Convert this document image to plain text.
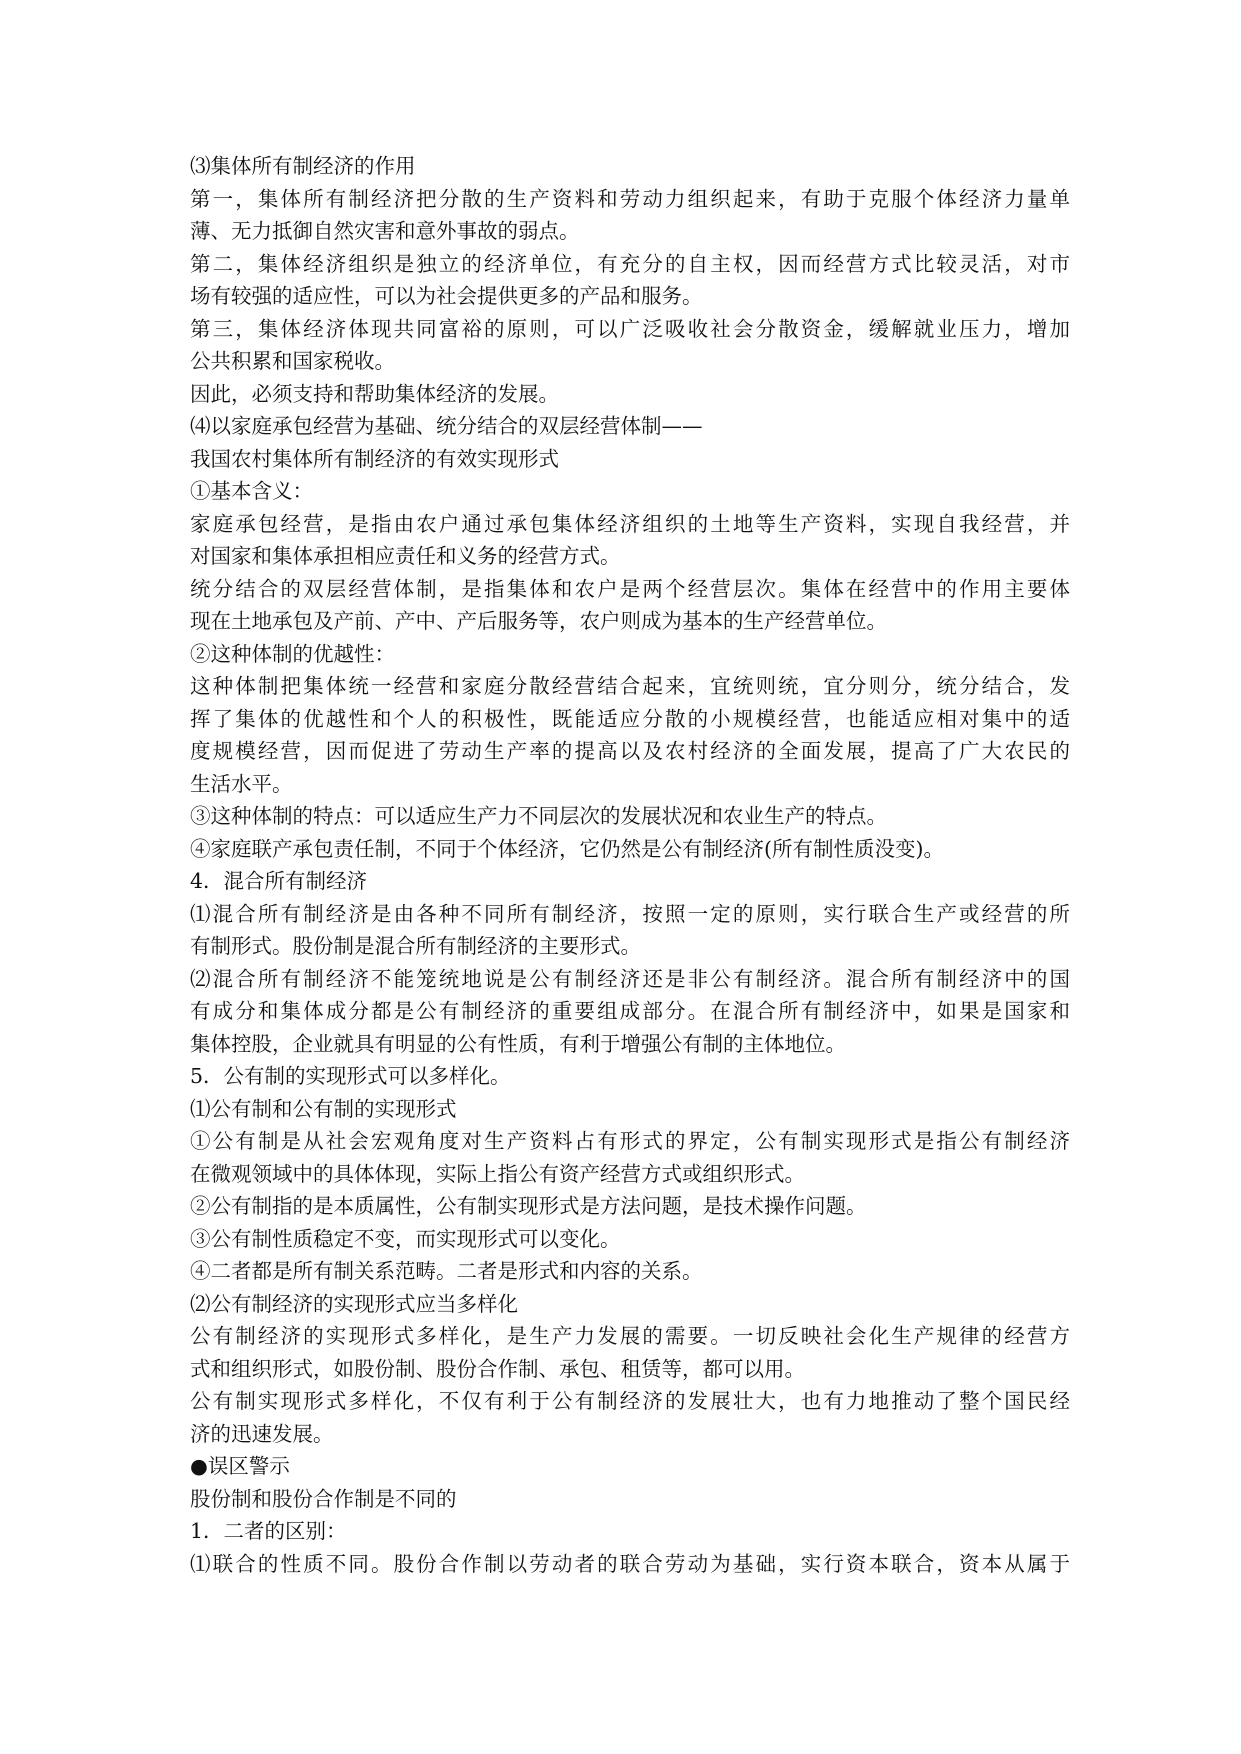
⑶集体所有制经济的作用
第一，集体所有制经济把分散的生产资料和劳动力组织起来，有助于克服个体经济力量单
薄、无力抵御自然灾害和意外事故的弱点。
第二，集体经济组织是独立的经济单位，有充分的自主权，因而经营方式比较灵活，对市
场有较强的适应性，可以为社会提供更多的产品和服务。
第三，集体经济体现共同富裕的原则，可以广泛吸收社会分散资金，缓解就业压力，增加
公共积累和国家税收。
因此，必须支持和帮助集体经济的发展。
⑷以家庭承包经营为基础、统分结合的双层经营体制——
我国农村集体所有制经济的有效实现形式
①基本含义：
家庭承包经营，是指由农户通过承包集体经济组织的土地等生产资料，实现自我经营，并
对国家和集体承担相应责任和义务的经营方式。
统分结合的双层经营体制，是指集体和农户是两个经营层次。集体在经营中的作用主要体
现在土地承包及产前、产中、产后服务等，农户则成为基本的生产经营单位。
②这种体制的优越性：
这种体制把集体统一经营和家庭分散经营结合起来，宜统则统，宜分则分，统分结合，发
挥了集体的优越性和个人的积极性，既能适应分散的小规模经营，也能适应相对集中的适
度规模经营，因而促进了劳动生产率的提高以及农村经济的全面发展，提高了广大农民的
生活水平。
③这种体制的特点：可以适应生产力不同层次的发展状况和农业生产的特点。
④家庭联产承包责任制，不同于个体经济，它仍然是公有制经济(所有制性质没变)。
4．混合所有制经济
⑴混合所有制经济是由各种不同所有制经济，按照一定的原则，实行联合生产或经营的所
有制形式。股份制是混合所有制经济的主要形式。
⑵混合所有制经济不能笼统地说是公有制经济还是非公有制经济。混合所有制经济中的国
有成分和集体成分都是公有制经济的重要组成部分。在混合所有制经济中，如果是国家和
集体控股，企业就具有明显的公有性质，有利于增强公有制的主体地位。
5．公有制的实现形式可以多样化。
⑴公有制和公有制的实现形式
①公有制是从社会宏观角度对生产资料占有形式的界定，公有制实现形式是指公有制经济
在微观领域中的具体体现，实际上指公有资产经营方式或组织形式。
②公有制指的是本质属性，公有制实现形式是方法问题，是技术操作问题。
③公有制性质稳定不变，而实现形式可以变化。
④二者都是所有制关系范畴。二者是形式和内容的关系。
⑵公有制经济的实现形式应当多样化
公有制经济的实现形式多样化，是生产力发展的需要。一切反映社会化生产规律的经营方
式和组织形式，如股份制、股份合作制、承包、租赁等，都可以用。
公有制实现形式多样化，不仅有利于公有制经济的发展壮大，也有力地推动了整个国民经
济的迅速发展。
●误区警示
股份制和股份合作制是不同的
1．二者的区别：
⑴联合的性质不同。股份合作制以劳动者的联合劳动为基础，实行资本联合，资本从属于
